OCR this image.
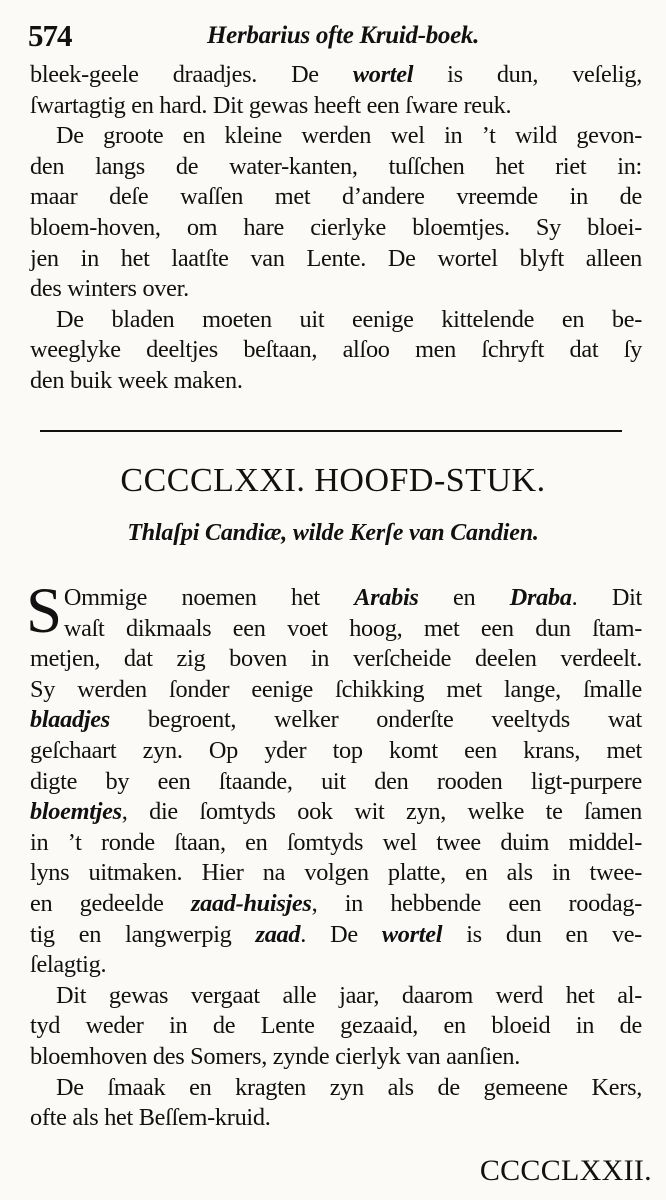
574	Herbarius ofte Kruid-boek.
bleek-geele draadjes. De wortel is dun, veſelig,
ſwartagtig en hard. Dit gewas heeft een ſware reuk.
De groote en kleine werden wel in ’t wild gevon-
den langs de water-kanten, tuſſchen het riet in:
maar deſe waſſen met d’andere vreemde in de
bloem-hoven, om hare cierlyke bloemtjes. Sy bloei-
jen in het laatſte van Lente. De wortel blyft alleen
des winters over.
De bladen moeten uit eenige kittelende en be-
weeglyke deeltjes beſtaan, alſoo men ſchryft dat ſy
den buik week maken.
CCCCLXXI. HOOFD-STUK.
Thlaſpi Candiæ, wilde Kerſe van Candien.
S Ommige noemen het Arabis en Draba. Dit
waſt dikmaals een voet hoog, met een dun ſtam-
metjen, dat zig boven in verſcheide deelen verdeelt.
Sy werden ſonder eenige ſchikking met lange, ſmalle
blaadjes begroent, welker onderſte veeltyds wat
geſchaart zyn. Op yder top komt een krans, met
digte by een ſtaande, uit den rooden ligt-purpere
bloemtjes, die ſomtyds ook wit zyn, welke te ſamen
in ’t ronde ſtaan, en ſomtyds wel twee duim middel-
lyns uitmaken. Hier na volgen platte, en als in twee-
en gedeelde zaad-huisjes, in hebbende een roodag-
tig en langwerpig zaad. De wortel is dun en ve-
ſelagtig.
Dit gewas vergaat alle jaar, daarom werd het al-
tyd weder in de Lente gezaaid, en bloeid in de
bloemhoven des Somers, zynde cierlyk van aanſien.
De ſmaak en kragten zyn als de gemeene Kers,
ofte als het Beſſem-kruid.
CCCCLXXII.
